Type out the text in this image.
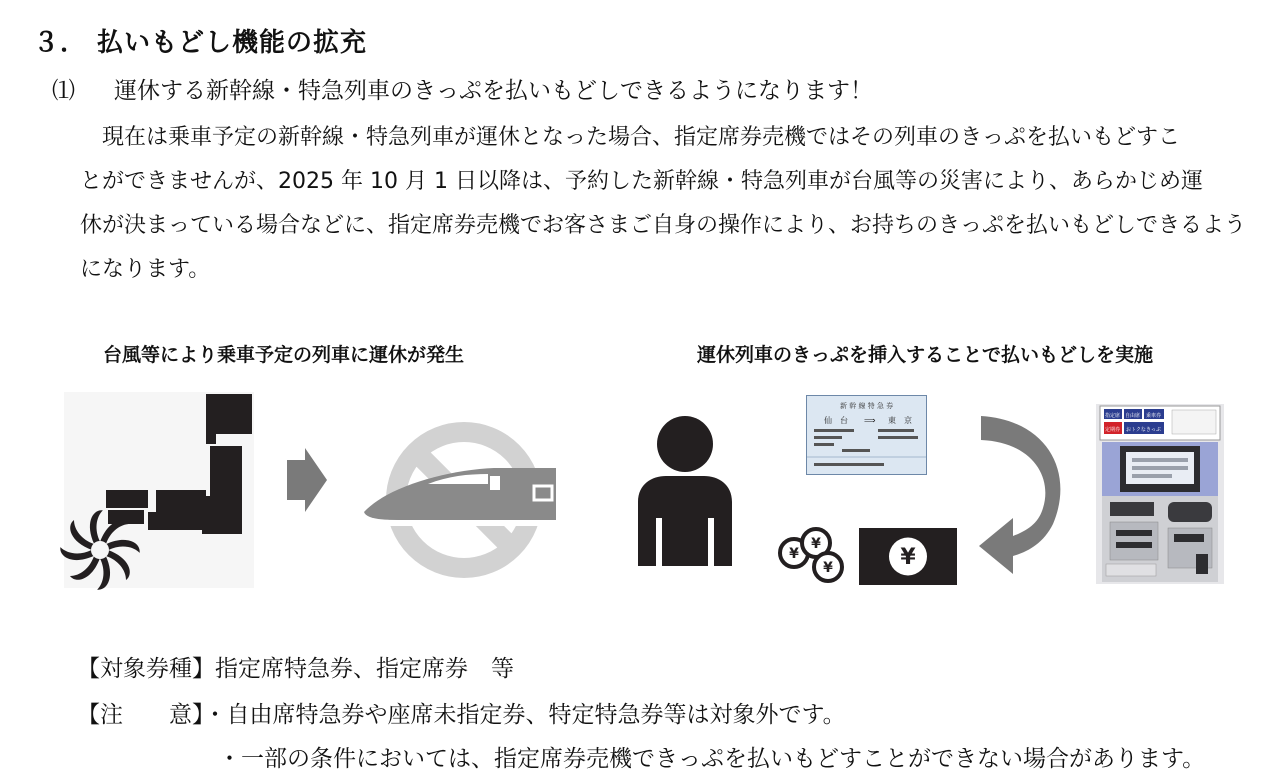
３． 払いもどし機能の拡充
⑴ 運休する新幹線・特急列車のきっぷを払いもどしできるようになります！
　現在は乗車予定の新幹線・特急列車が運休となった場合、指定席券売機ではその列車のきっぷを払いもどすこ
とができませんが、2025 年 10 月 1 日以降は、予約した新幹線・特急列車が台風等の災害により、あらかじめ運
休が決まっている場合などに、指定席券売機でお客さまご自身の操作により、お持ちのきっぷを払いもどしできるよう
になります。
台風等により乗車予定の列車に運休が発生	運休列車のきっぷを挿入することで払いもどしを実施
新 幹 線 特 急 券
仙　台 ⟹ 東　京
¥
¥
¥	¥
指定席 自由席 乗車券
定期券 おトクなきっぷ
【対象券種】指定席特急券、指定席券　等
【注　　意】・自由席特急券や座席未指定券、特定特急券等は対象外です。
・一部の条件においては、指定席券売機できっぷを払いもどすことができない場合があります。
